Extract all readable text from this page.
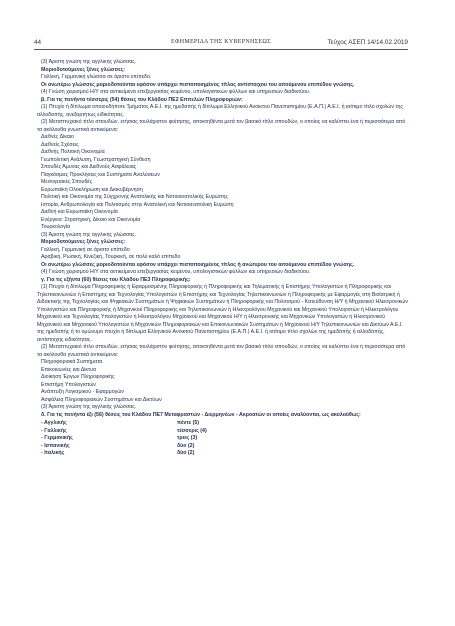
44	ΕΦΗΜΕΡΙΔΑ ΤΗΣ ΚΥΒΕΡΝΗΣΕΩΣ	Τεύχος ΑΣΕΠ 14/14.02.2019

(3) Άριστη γνώση της αγγλικής γλώσσας.

Μοριοδοτούμενες ξένες γλώσσες:

Γαλλική, Γερμανική γλώσσα σε άριστο επίπεδο.

Οι ανωτέρω γλώσσες μοριοδοτούνται εφόσον υπάρχει πιστοποιημένος τίτλος αντίστοιχου του αιτούμενου επιπέδου γνώσης.

(4) Γνώση χειρισμού Η/Υ στα αντικείμενα επεξεργασίας κειμένου, υπολογιστικών φύλλων και υπηρεσιών διαδικτύου.

β. Για τις πενήντα τέσσερις (54) θέσεις του Κλάδου ΠΕ2 Επιτελών Πληροφοριών:

(1) Πτυχίο ή δίπλωμα οποιουδήποτε Τμήματος Α.Ε.Ι. της ημεδαπής ή δίπλωμα Ελληνικού Ανοικτού Πανεπιστημίου (Ε.Α.Π.) Α.Ε.Ι. ή ισότιμο τίτλο σχολών της αλλοδαπής, ανεξαρτήτως ειδικότητας.

(2) Μεταπτυχιακό τίτλο σπουδών, ετήσιας τουλάχιστον φοίτησης, αποκτηθέντα μετά τον βασικό τίτλο σπουδών, ο οποίος να καλύπτει ένα ή περισσότερα από τα ακόλουθα γνωστικά αντικείμενα:

Διεθνές Δίκαιο

Διεθνείς Σχέσεις

Διεθνής Πολιτική Οικονομία

Γεωπολιτική Ανάλυση, Γεωστρατηγική Σύνθεση

Σπουδές Άμυνας και Διεθνούς Ασφάλειας

Παγκόσμιες Προκλήσεις και Συστήματα Αναλύσεων

Μεσογειακές Σπουδές

Ευρωπαϊκή Ολοκλήρωση και Διακυβέρνηση

Πολιτική και Οικονομία της Σύγχρονης Ανατολικής και Νοτιοανατολικής Ευρώπης

Ιστορία, Ανθρωπολογία και Πολιτισμός στην Ανατολική και Νοτιοανατολική Ευρώπη

Διεθνή και Ευρωπαϊκή Οικονομία

Ενέργεια: Στρατηγική, Δίκαιο και Οικονομία

Τουρκολογία

(3) Άριστη γνώση της αγγλικής γλώσσας.

Μοριοδοτούμενες ξένες γλώσσες:

Γαλλική, Γερμανική σε άριστο επίπεδο

Αραβική, Ρωσική, Κινεζική, Τουρκική, σε πολύ καλό επίπεδο

Οι ανωτέρω γλώσσες μοριοδοτούνται εφόσον υπάρχει πιστοποιημένος τίτλος ή ανώτερου του αιτούμενου επιπέδου γνώσης.

(4) Γνώση χειρισμού Η/Υ στα αντικείμενα επεξεργασίας κειμένου, υπολογιστικών φύλλων και υπηρεσιών διαδικτύου.

γ. Για τις εξήντα (60) θέσεις του Κλάδου ΠΕ3 Πληροφορικής:

(1) Πτυχίο ή δίπλωμα Πληροφορικής ή Εφαρμοσμένης Πληροφορικής ή Πληροφορικής και Τηλεματικής ή Επιστήμης Υπολογιστών ή Πληροφορικής και Τηλεπικοινωνιών ή Επιστήμης και Τεχνολογίας Υπολογιστών ή Επιστήμης και Τεχνολογίας Τηλεπικοινωνιών ή Πληροφορικής με Εφαρμογές στη Βιοϊατρική ή Διδακτικής της Τεχνολογίας και Ψηφιακών Συστημάτων ή Ψηφιακών Συστημάτων ή Πληροφορικής και Πολιτισμού - Κατεύθυνση Η/Υ ή Μηχανικού Ηλεκτρονικών Υπολογιστών και Πληροφορικής ή Μηχανικού Πληροφορικής και Τηλεπικοινωνιών ή Ηλεκτρολόγου Μηχανικού και Μηχανικού Υπολογιστών ή Ηλεκτρολόγου Μηχανικού και Τεχνολογίας Υπολογιστών ή Ηλεκτρολόγου Μηχανικού και Μηχανικού Η/Υ ή Ηλεκτρονικής και Μηχανικών Υπολογιστών ή Ηλεκτρονικού Μηχανικού και Μηχανικού Υπολογιστών ή Μηχανικών Πληροφοριακών και Επικοινωνιακών Συστημάτων ή Μηχανικού Η/Υ Τηλεπικοινωνιών και Δικτύων Α.Ε.Ι. της ημεδαπής ή το ομώνυμο πτυχίο ή δίπλωμα Ελληνικού Ανοικτού Πανεπιστημίου (Ε.Α.Π.) Α.Ε.Ι. ή ισότιμο τίτλο σχολών της ημεδαπής ή αλλοδαπής, αντίστοιχης ειδικότητας.

(2) Μεταπτυχιακό τίτλο σπουδών, ετήσιας τουλάχιστον φοίτησης, αποκτηθέντα μετά τον βασικό τίτλο σπουδών, ο οποίος να καλύπτει ένα ή περισσότερα από τα ακόλουθα γνωστικά αντικείμενα:

Πληροφοριακά Συστήματα

Επικοινωνίες και Δίκτυα

Διοίκηση Έργων Πληροφορικής

Επιστήμη Υπολογιστών

Ανάπτυξη Λογισμικού - Εφαρμογών

Ασφάλεια Πληροφοριακών Συστημάτων και Δικτύων

(3) Άριστη γνώση της αγγλικής γλώσσας.

δ. Για τις πενήντα έξι (56) θέσεις του Κλάδου ΠΕ7 Μεταφραστών - Διερμηνέων - Ακροατών οι οποίες αναλύονται, ως ακολούθως:

- Αγγλικής	πέντε (5)
- Γαλλικής	τέσσερις (4)
- Γερμανικής	τρεις (3)
- Ισπανικής	δύο (2)
- Ιταλικής	δύο (2)
